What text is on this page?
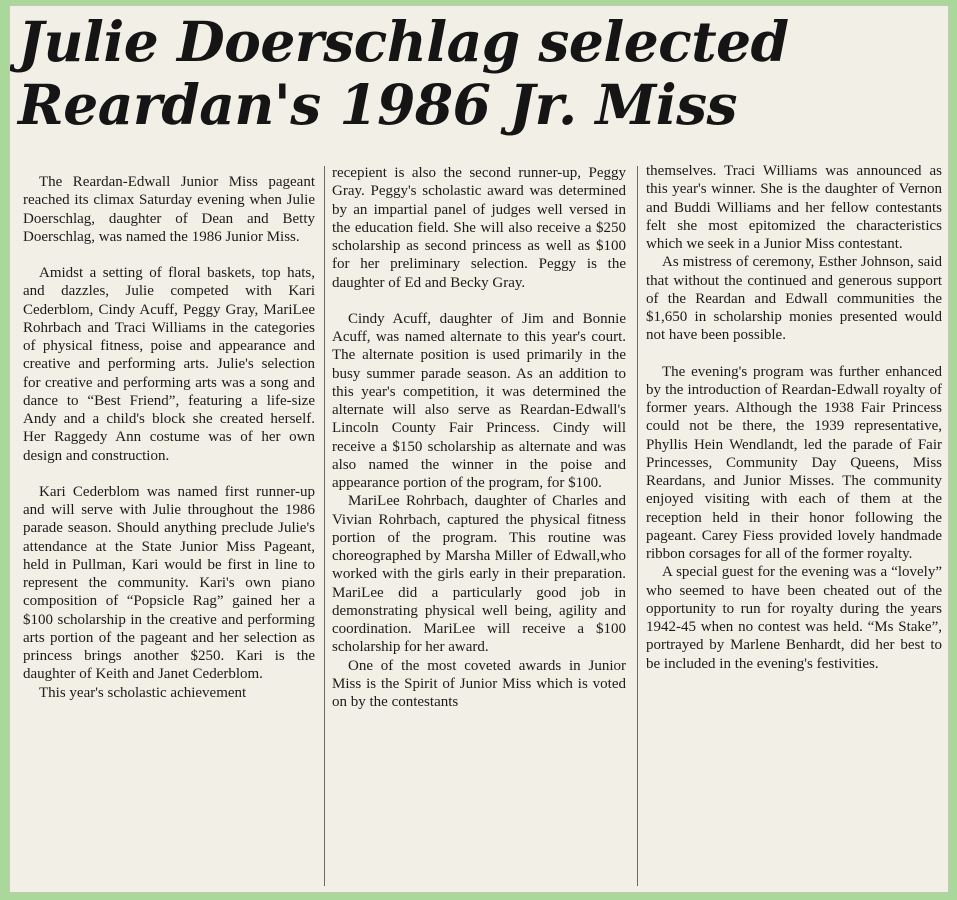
Julie Doerschlag selected
Reardan's 1986 Jr. Miss

The Reardan-Edwall Junior Miss pageant reached its climax Saturday evening when Julie Doerschlag, daughter of Dean and Betty Doerschlag, was named the 1986 Junior Miss.

Amidst a setting of floral baskets, top hats, and dazzles, Julie competed with Kari Cederblom, Cindy Acuff, Peggy Gray, MariLee Rohrbach and Traci Williams in the categories of physical fitness, poise and appearance and creative and performing arts. Julie's selection for creative and performing arts was a song and dance to “Best Friend”, featuring a life-size Andy and a child's block she created herself. Her Raggedy Ann costume was of her own design and construction.

Kari Cederblom was named first runner-up and will serve with Julie throughout the 1986 parade season. Should anything preclude Julie's attendance at the State Junior Miss Pageant, held in Pullman, Kari would be first in line to represent the community. Kari's own piano composition of “Popsicle Rag” gained her a $100 scholarship in the creative and performing arts portion of the pageant and her selection as princess brings another $250. Kari is the daughter of Keith and Janet Cederblom.

This year's scholastic achievement

recepient is also the second runner-up, Peggy Gray. Peggy's scholastic award was determined by an impartial panel of judges well versed in the education field. She will also receive a $250 scholarship as second princess as well as $100 for her preliminary selection. Peggy is the daughter of Ed and Becky Gray.

Cindy Acuff, daughter of Jim and Bonnie Acuff, was named alternate to this year's court. The alternate position is used primarily in the busy summer parade season. As an addition to this year's competition, it was determined the alternate will also serve as Reardan-Edwall's Lincoln County Fair Princess. Cindy will receive a $150 scholarship as alternate and was also named the winner in the poise and appearance portion of the program, for $100.

MariLee Rohrbach, daughter of Charles and Vivian Rohrbach, captured the physical fitness portion of the program. This routine was choreographed by Marsha Miller of Edwall,who worked with the girls early in their preparation. MariLee did a particularly good job in demonstrating physical well being, agility and coordination. MariLee will receive a $100 scholarship for her award.

One of the most coveted awards in Junior Miss is the Spirit of Junior Miss which is voted on by the contestants

themselves. Traci Williams was announced as this year's winner. She is the daughter of Vernon and Buddi Williams and her fellow contestants felt she most epitomized the characteristics which we seek in a Junior Miss contestant.

As mistress of ceremony, Esther Johnson, said that without the continued and generous support of the Reardan and Edwall communities the $1,650 in scholarship monies presented would not have been possible.

The evening's program was further enhanced by the introduction of Reardan-Edwall royalty of former years. Although the 1938 Fair Princess could not be there, the 1939 representative, Phyllis Hein Wendlandt, led the parade of Fair Princesses, Community Day Queens, Miss Reardans, and Junior Misses. The community enjoyed visiting with each of them at the reception held in their honor following the pageant. Carey Fiess provided lovely handmade ribbon corsages for all of the former royalty.

A special guest for the evening was a “lovely” who seemed to have been cheated out of the opportunity to run for royalty during the years 1942-45 when no contest was held. “Ms Stake”, portrayed by Marlene Benhardt, did her best to be included in the evening's festivities.
